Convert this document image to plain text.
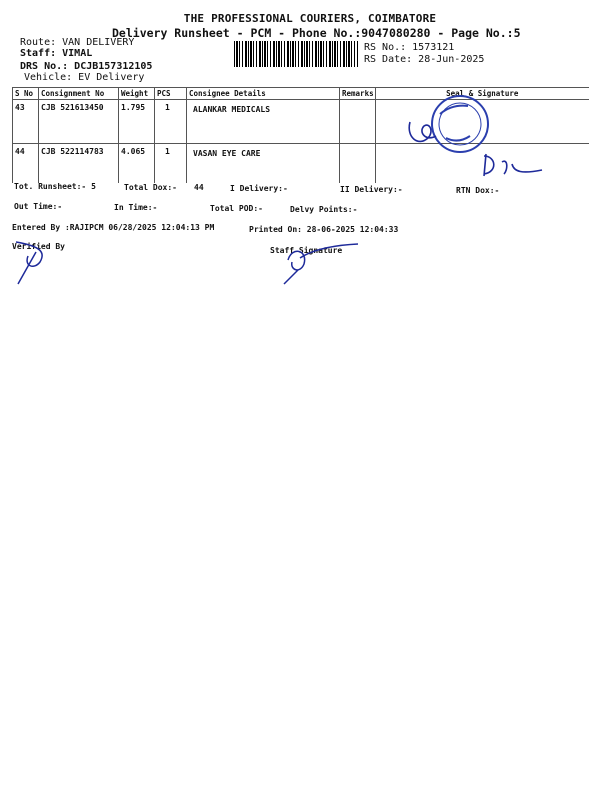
THE PROFESSIONAL COURIERS, COIMBATORE
Delivery Runsheet - PCM - Phone No.:9047080280 - Page No.:5
Route: VAN DELIVERY
Staff: VIMAL
DRS No.: DCJB157312105
Vehicle: EV Delivery
RS No.: 1573121
RS Date: 28-Jun-2025
S No	Consignment No	Weight	PCS	Consignee Details	Remarks	Seal & Signature
43	CJB 521613450	1.795	1	ALANKAR MEDICALS		
44	CJB 522114783	4.065	1	VASAN EYE CARE		
Tot. Runsheet:- 5	Total Dox:- 44	I Delivery:-	II Delivery:-	RTN Dox:-
Out Time:-	In Time:-	Total POD:-	Delvy Points:-
Entered By :RAJIPCM 06/28/2025 12:04:13 PM	Printed On: 28-06-2025 12:04:33
Verified By	Staff Signature
